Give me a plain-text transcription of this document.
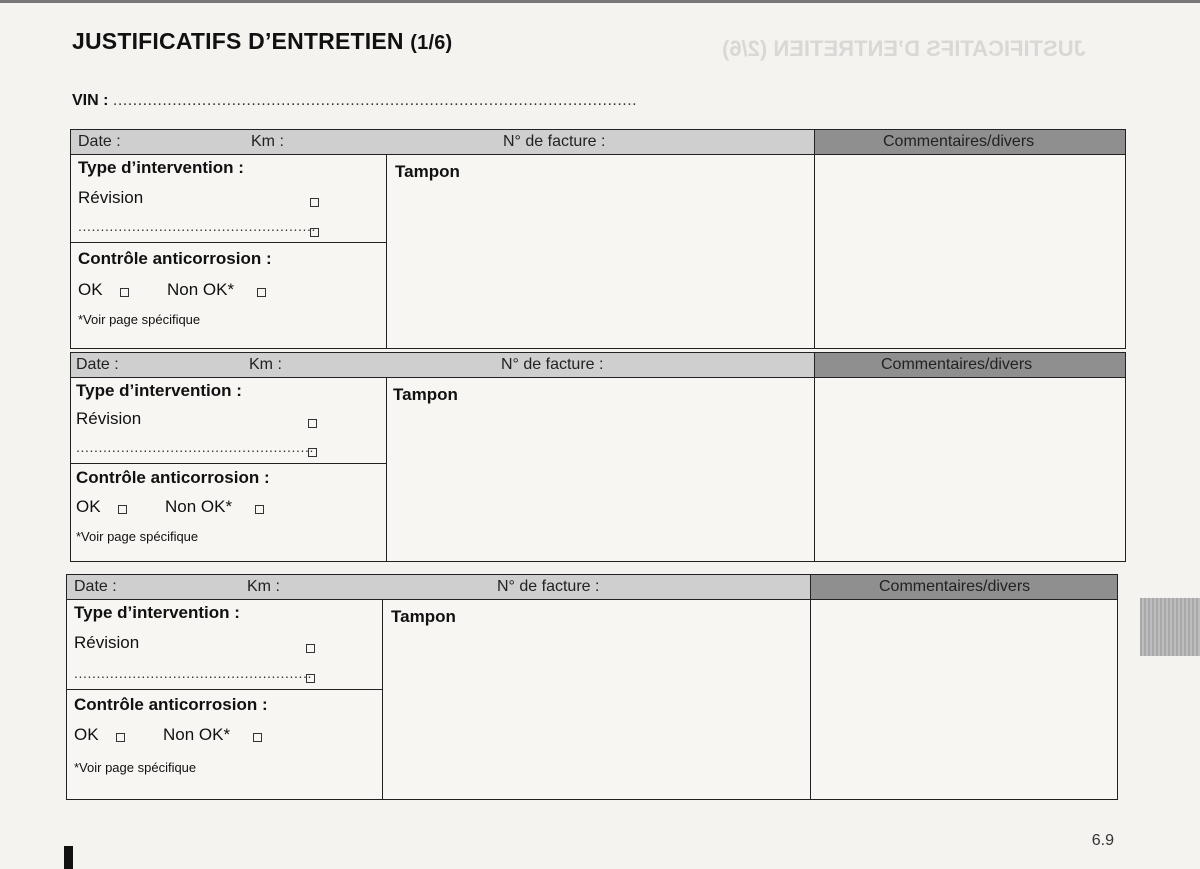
JUSTIFICATIFS D’ENTRETIEN (2/6)
JUSTIFICATIFS D’ENTRETIEN (1/6)
VIN : ..........................................................................................................
Date :	Km :	N° de facture :	Commentaires/divers
Type d’intervention :
Révision
.....................................................
Contrôle anticorrosion :
OK	Non OK*
*Voir page spécifique
Tampon
Date :	Km :	N° de facture :	Commentaires/divers
Type d’intervention :
Révision
.....................................................
Contrôle anticorrosion :
OK	Non OK*
*Voir page spécifique
Tampon
Date :	Km :	N° de facture :	Commentaires/divers
Type d’intervention :
Révision
.....................................................
Contrôle anticorrosion :
OK	Non OK*
*Voir page spécifique
Tampon
6.9
